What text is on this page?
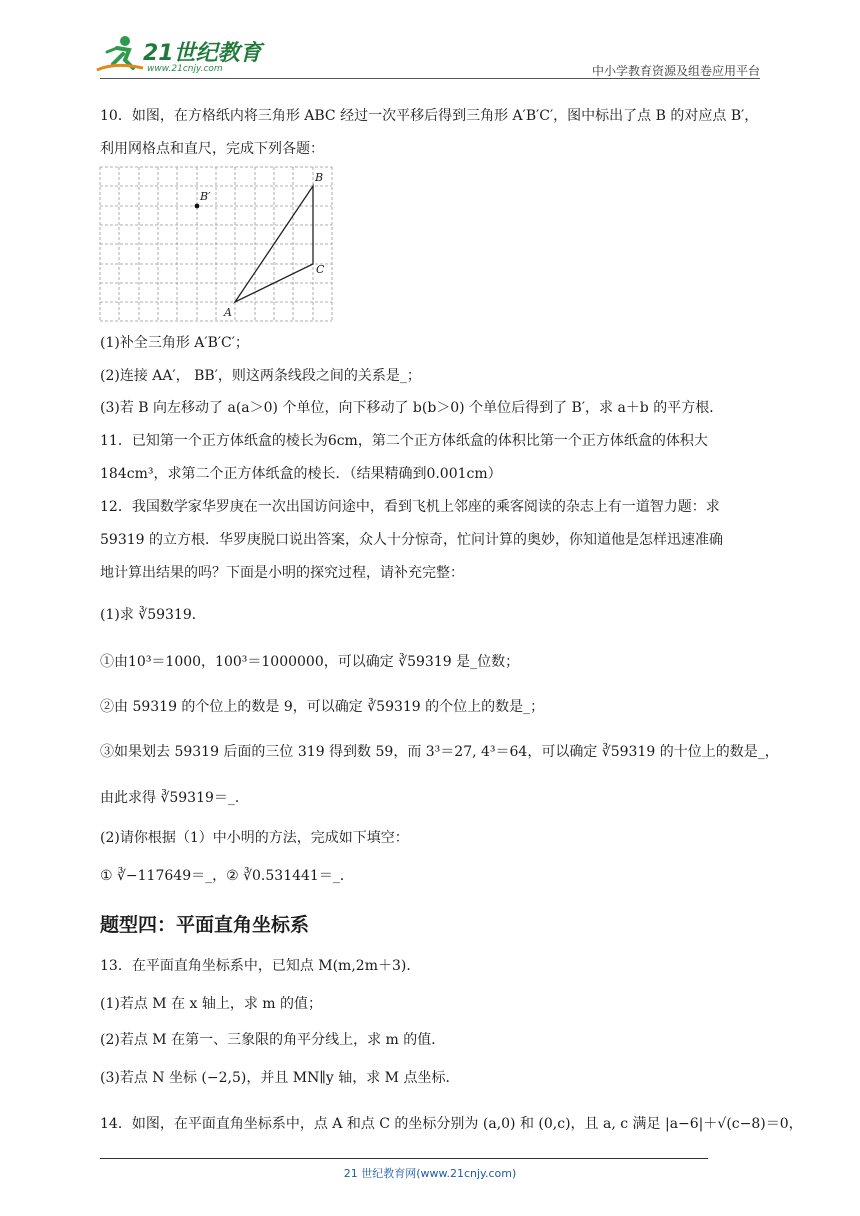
21世纪教育
www.21cnjy.com	中小学教育资源及组卷应用平台
10．如图，在方格纸内将三角形 ABC 经过一次平移后得到三角形 A′B′C′，图中标出了点 B 的对应点 B′，
利用网格点和直尺，完成下列各题：
B′
B
C
A
(1)补全三角形 A′B′C′；
(2)连接 AA′， BB′，则这两条线段之间的关系是_；
(3)若 B 向左移动了 a(a＞0) 个单位，向下移动了 b(b＞0) 个单位后得到了 B′，求 a＋b 的平方根．
11．已知第一个正方体纸盒的棱长为6cm，第二个正方体纸盒的体积比第一个正方体纸盒的体积大
184cm³，求第二个正方体纸盒的棱长．（结果精确到0.001cm）
12．我国数学家华罗庚在一次出国访问途中，看到飞机上邻座的乘客阅读的杂志上有一道智力题：求
59319 的立方根．华罗庚脱口说出答案，众人十分惊奇，忙问计算的奥妙，你知道他是怎样迅速准确
地计算出结果的吗？下面是小明的探究过程，请补充完整：
(1)求 ∛59319．
①由10³＝1000，100³＝1000000，可以确定 ∛59319 是_位数；
②由 59319 的个位上的数是 9，可以确定 ∛59319 的个位上的数是_；
③如果划去 59319 后面的三位 319 得到数 59，而 3³＝27, 4³＝64，可以确定 ∛59319 的十位上的数是_，
由此求得 ∛59319＝_．
(2)请你根据（1）中小明的方法，完成如下填空：
① ∛−117649＝_，② ∛0.531441＝_．
题型四：平面直角坐标系
13．在平面直角坐标系中，已知点 M(m,2m＋3)．
(1)若点 M 在 x 轴上，求 m 的值；
(2)若点 M 在第一、三象限的角平分线上，求 m 的值．
(3)若点 N 坐标 (−2,5)，并且 MN∥y 轴，求 M 点坐标．
14．如图，在平面直角坐标系中，点 A 和点 C 的坐标分别为 (a,0) 和 (0,c)，且 a, c 满足 |a−6|＋√(c−8)＝0，
21 世纪教育网(www.21cnjy.com)
